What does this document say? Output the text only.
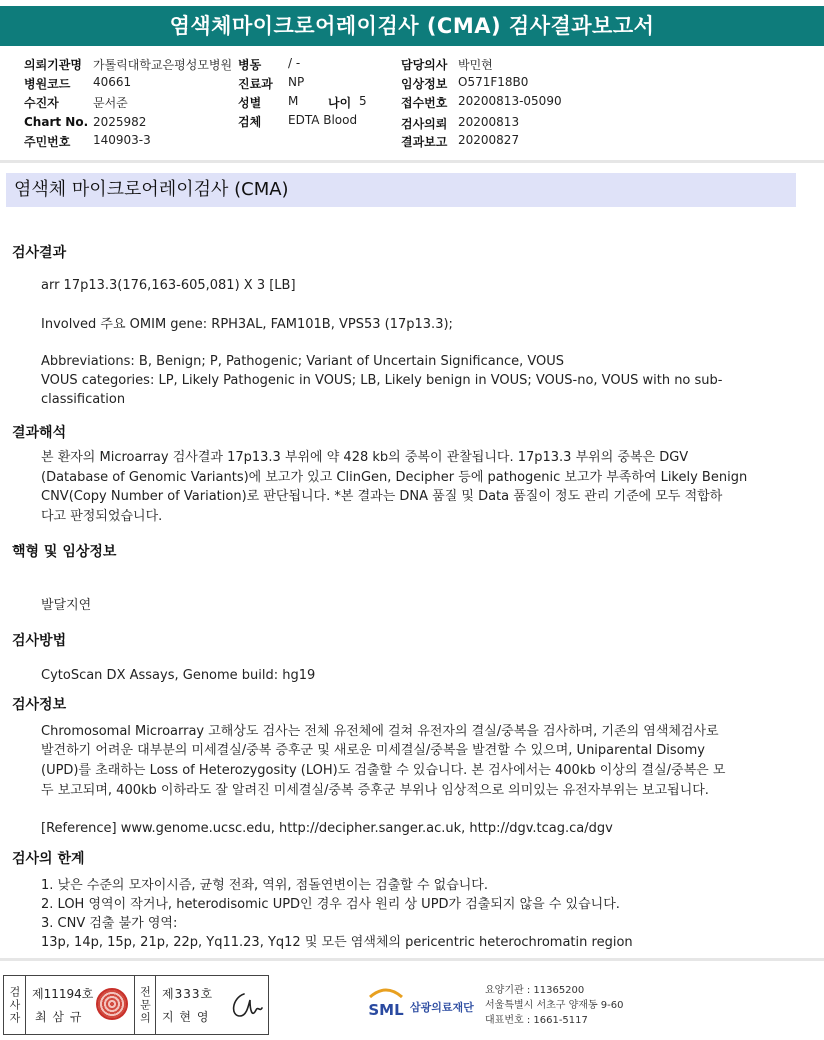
염색체마이크로어레이검사 (CMA) 검사결과보고서
의뢰기관명 가톨릭대학교은평성모병원 병동 / -	담당의사 박민현
병원코드 40661	진료과 NP	임상정보 O571F18B0
수진자	문서준	성별 M 나이 5	접수번호 20200813-05090
Chart No. 2025982	검체 EDTA Blood	검사의뢰 20200813
주민번호 140903-3	결과보고 20200827
염색체 마이크로어레이검사 (CMA)
검사결과
arr 17p13.3(176,163-605,081) X 3 [LB]
Involved 주요 OMIM gene: RPH3AL, FAM101B, VPS53 (17p13.3);
Abbreviations: B, Benign; P, Pathogenic; Variant of Uncertain Significance, VOUS
VOUS categories: LP, Likely Pathogenic in VOUS; LB, Likely benign in VOUS; VOUS-no, VOUS with no sub-
classification
결과해석
본 환자의 Microarray 검사결과 17p13.3 부위에 약 428 kb의 중복이 관찰됩니다. 17p13.3 부위의 중복은 DGV
(Database of Genomic Variants)에 보고가 있고 ClinGen, Decipher 등에 pathogenic 보고가 부족하여 Likely Benign
CNV(Copy Number of Variation)로 판단됩니다. *본 결과는 DNA 품질 및 Data 품질이 정도 관리 기준에 모두 적합하
다고 판정되었습니다.
핵형 및 임상정보
발달지연
검사방법
CytoScan DX Assays, Genome build: hg19
검사정보
Chromosomal Microarray 고해상도 검사는 전체 유전체에 걸쳐 유전자의 결실/중복을 검사하며, 기존의 염색체검사로
발견하기 어려운 대부분의 미세결실/중복 증후군 및 새로운 미세결실/중복을 발견할 수 있으며, Uniparental Disomy
(UPD)를 초래하는 Loss of Heterozygosity (LOH)도 검출할 수 있습니다. 본 검사에서는 400kb 이상의 결실/중복은 모
두 보고되며, 400kb 이하라도 잘 알려진 미세결실/중복 증후군 부위나 임상적으로 의미있는 유전자부위는 보고됩니다.
[Reference] www.genome.ucsc.edu, http://decipher.sanger.ac.uk, http://dgv.tcag.ca/dgv
검사의 한계
1. 낮은 수준의 모자이시즘, 균형 전좌, 역위, 점돌연변이는 검출할 수 없습니다.
2. LOH 영역이 작거나, heterodisomic UPD인 경우 검사 원리 상 UPD가 검출되지 않을 수 있습니다.
3. CNV 검출 불가 영역:
13p, 14p, 15p, 21p, 22p, Yq11.23, Yq12 및 모든 염색체의 pericentric heterochromatin region
검사자 제11194호
최 삼 규	전문의 제333호
지 현 영	SML 삼광의료재단
요양기관 : 11365200
서울특별시 서초구 양재동 9-60
대표번호 : 1661-5117
